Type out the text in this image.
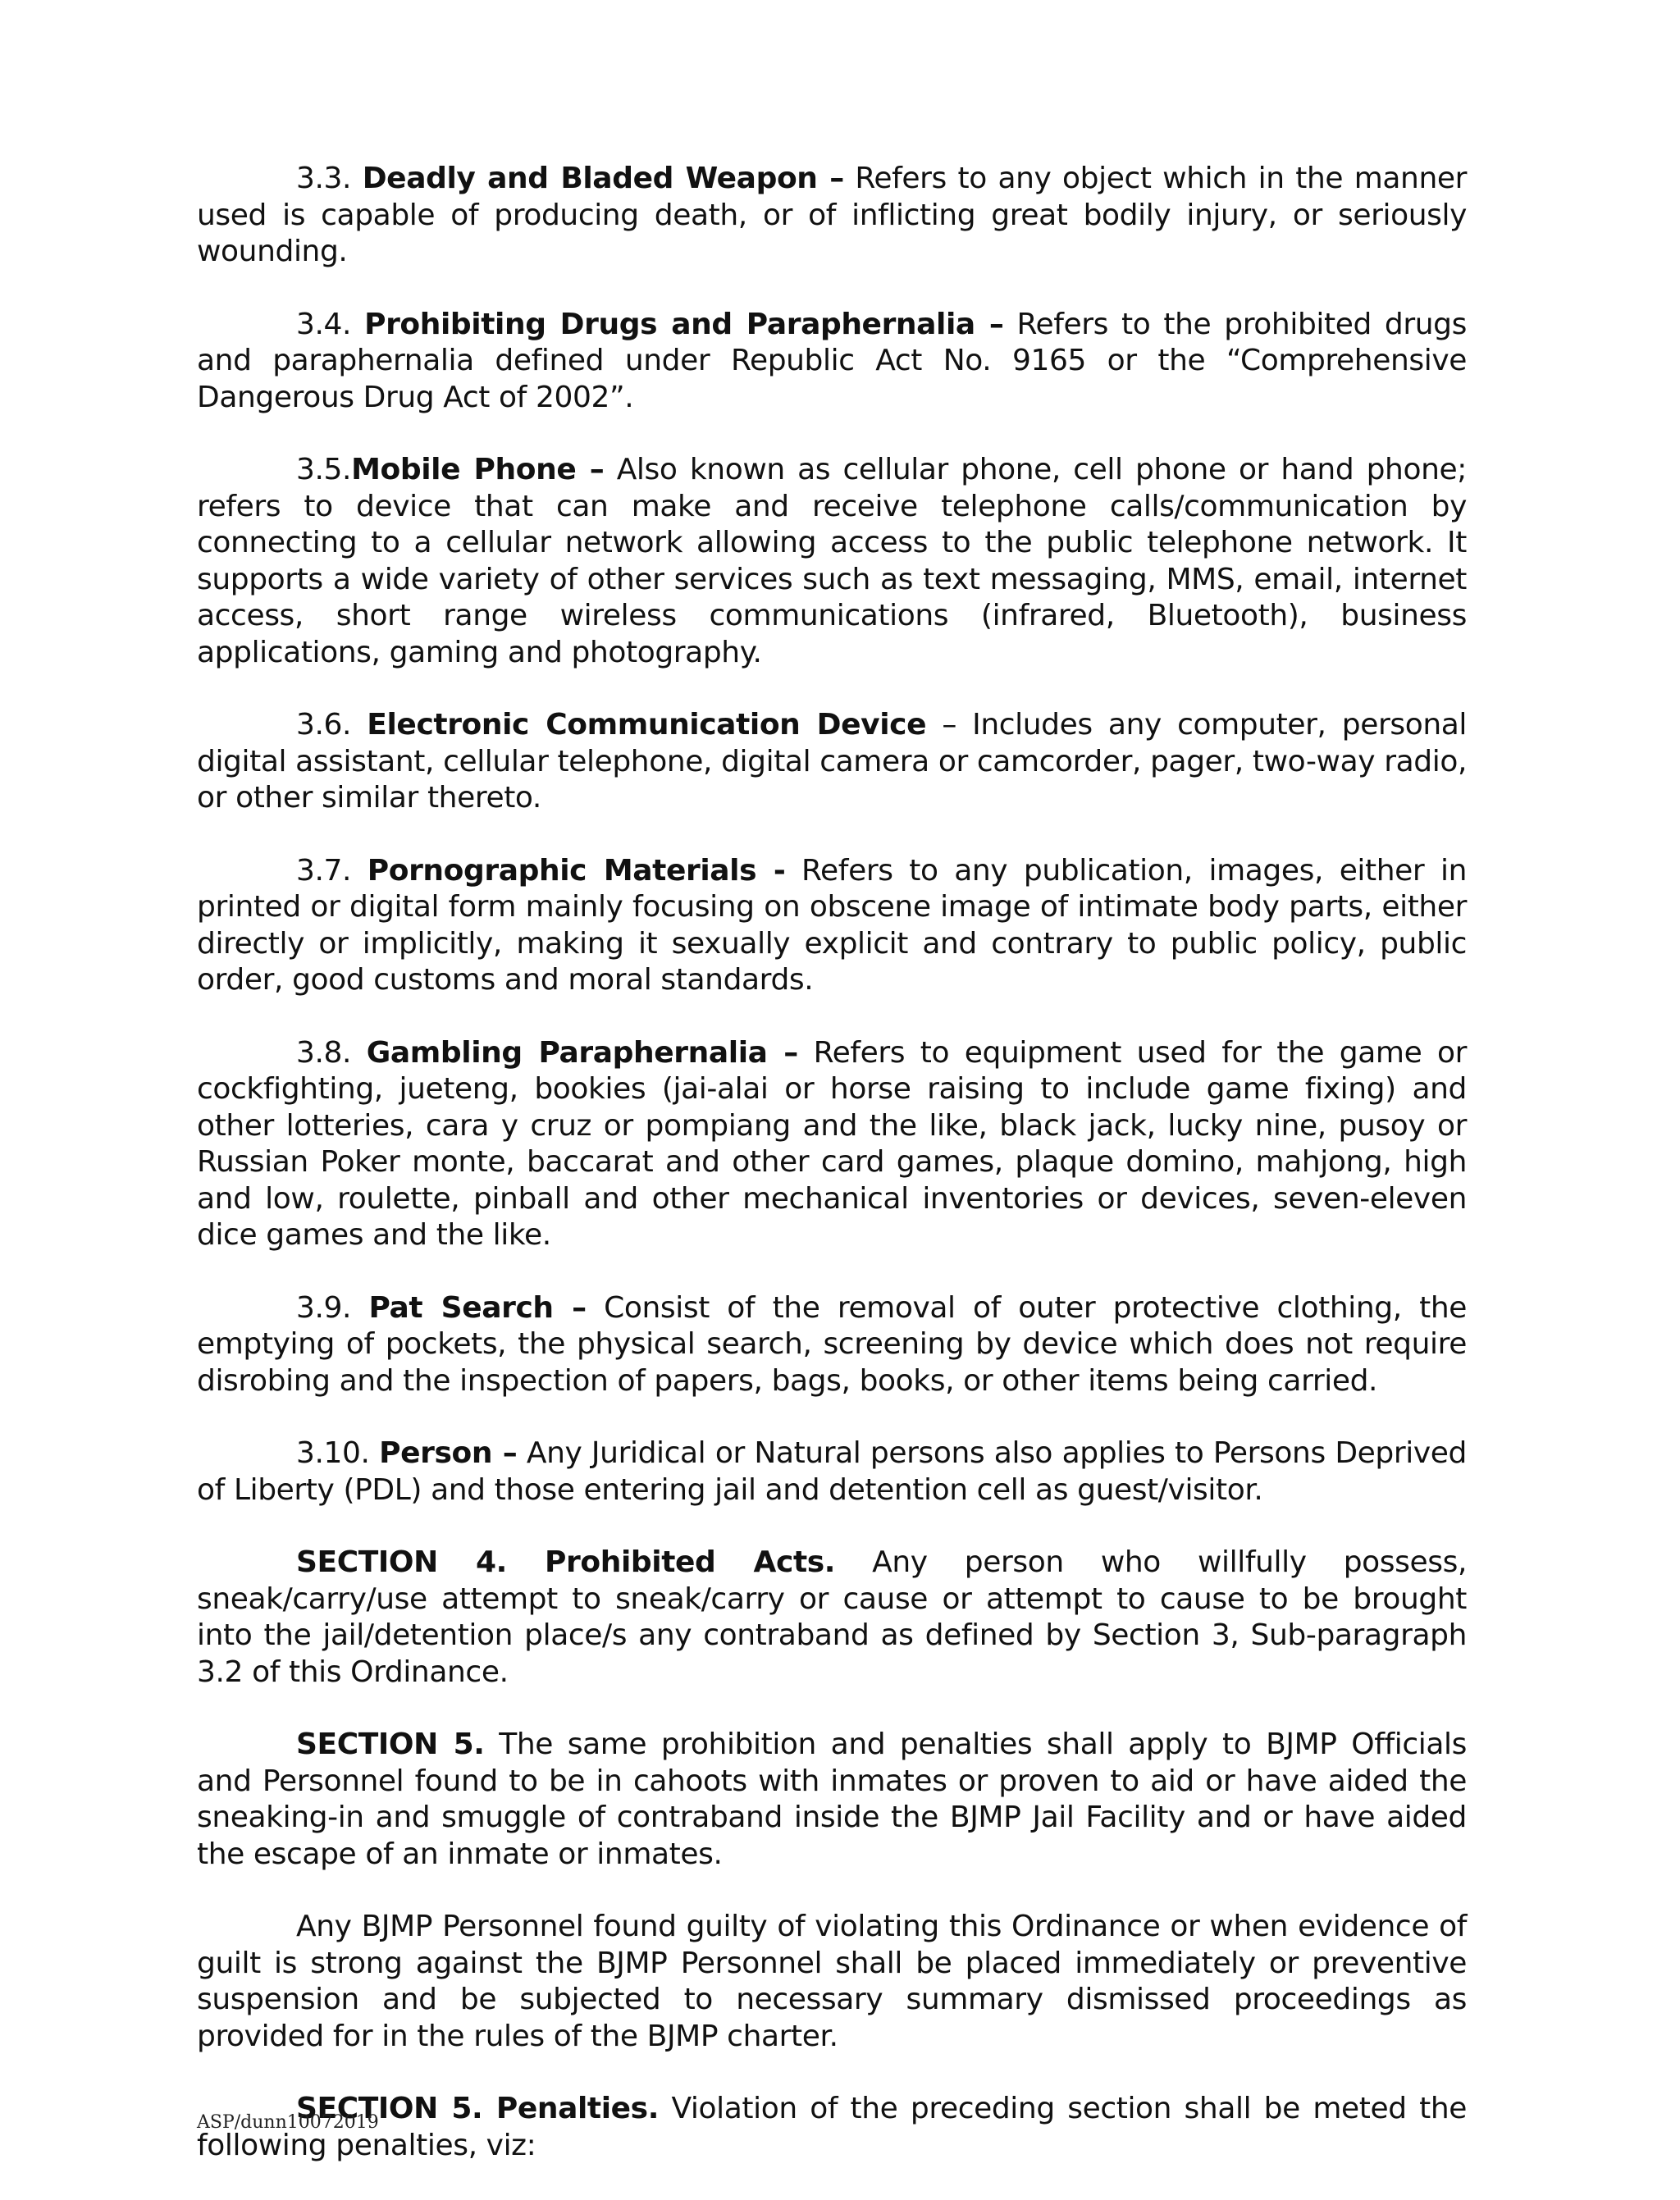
3.3. Deadly and Bladed Weapon – Refers to any object which in the manner used is capable of producing death, or of inflicting great bodily injury, or seriously wounding.

3.4. Prohibiting Drugs and Paraphernalia – Refers to the prohibited drugs and paraphernalia defined under Republic Act No. 9165 or the “Comprehensive Dangerous Drug Act of 2002”.

3.5.Mobile Phone – Also known as cellular phone, cell phone or hand phone; refers to device that can make and receive telephone calls/communication by connecting to a cellular network allowing access to the public telephone network. It supports a wide variety of other services such as text messaging, MMS, email, internet access, short range wireless communications (infrared, Bluetooth), business applications, gaming and photography.

3.6. Electronic Communication Device – Includes any computer, personal digital assistant, cellular telephone, digital camera or camcorder, pager, two-way radio, or other similar thereto.

3.7. Pornographic Materials - Refers to any publication, images, either in printed or digital form mainly focusing on obscene image of intimate body parts, either directly or implicitly, making it sexually explicit and contrary to public policy, public order, good customs and moral standards.

3.8. Gambling Paraphernalia – Refers to equipment used for the game or cockfighting, jueteng, bookies (jai-alai or horse raising to include game fixing) and other lotteries, cara y cruz or pompiang and the like, black jack, lucky nine, pusoy or Russian Poker monte, baccarat and other card games, plaque domino, mahjong, high and low, roulette, pinball and other mechanical inventories or devices, seven-eleven dice games and the like.

3.9. Pat Search – Consist of the removal of outer protective clothing, the emptying of pockets, the physical search, screening by device which does not require disrobing and the inspection of papers, bags, books, or other items being carried.

3.10. Person – Any Juridical or Natural persons also applies to Persons Deprived of Liberty (PDL) and those entering jail and detention cell as guest/visitor.

SECTION 4. Prohibited Acts. Any person who willfully possess, sneak/carry/use attempt to sneak/carry or cause or attempt to cause to be brought into the jail/detention place/s any contraband as defined by Section 3, Sub-paragraph 3.2 of this Ordinance.

SECTION 5. The same prohibition and penalties shall apply to BJMP Officials and Personnel found to be in cahoots with inmates or proven to aid or have aided the sneaking-in and smuggle of contraband inside the BJMP Jail Facility and or have aided the escape of an inmate or inmates.

Any BJMP Personnel found guilty of violating this Ordinance or when evidence of guilt is strong against the BJMP Personnel shall be placed immediately or preventive suspension and be subjected to necessary summary dismissed proceedings as provided for in the rules of the BJMP charter.

SECTION 5. Penalties. Violation of the preceding section shall be meted the following penalties, viz:

ASP/dunn10072019
